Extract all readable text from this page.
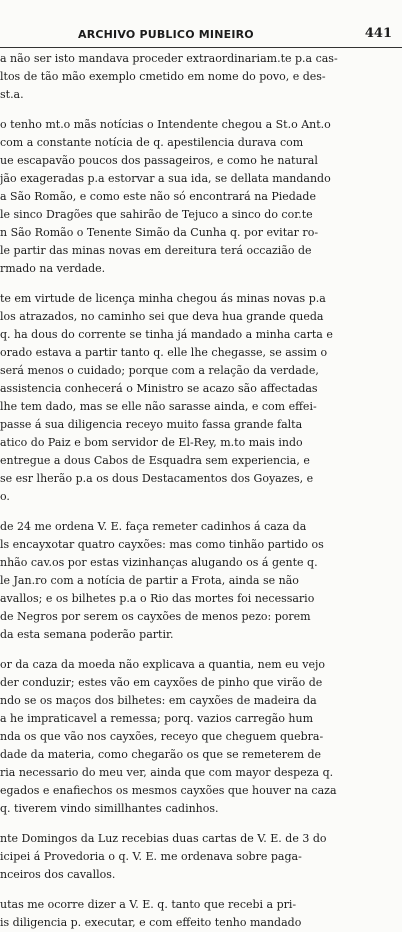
ARCHIVO PUBLICO MINEIRO	441
a não ser isto mandava proceder extraordinariam.te p.a cas-
ltos de tão mão exemplo cmetido em nome do povo, e des-
st.a.
o tenho mt.o mãs notícias o Intendente chegou a St.o Ant.o
com a constante notícia de q. apestilencia durava com
ue escapavão poucos dos passageiros, e como he natural
jão exageradas p.a estorvar a sua ida, se dellata mandando
a São Romão, e como este não só encontrará na Piedade
le sinco Dragões que sahirão de Tejuco a sinco do cor.te
n São Romão o Tenente Simão da Cunha q. por evitar ro-
le partir das minas novas em dereitura terá occazião de
rmado na verdade.
te em virtude de licença minha chegou ás minas novas p.a
los atrazados, no caminho sei que deva hua grande queda
q. ha dous do corrente se tinha já mandado a minha carta e
orado estava a partir tanto q. elle lhe chegasse, se assim o
será menos o cuidado; porque com a relação da verdade,
assistencia conhecerá o Ministro se acazo são affectadas
lhe tem dado, mas se elle não sarasse ainda, e com effei-
passe á sua diligencia receyo muito fassa grande falta
atico do Paiz e bom servidor de El-Rey, m.to mais indo
entregue a dous Cabos de Esquadra sem experiencia, e
se esr lherão p.a os dous Destacamentos dos Goyazes, e
o.
de 24 me ordena V. E. faça remeter cadinhos á caza da
ls encayxotar quatro cayxões: mas como tinhão partido os
nhão cav.os por estas vizinhanças alugando os á gente q.
le Jan.ro com a notícia de partir a Frota, ainda se não
avallos; e os bilhetes p.a o Rio das mortes foi necessario
de Negros por serem os cayxões de menos pezo: porem
da esta semana poderão partir.
or da caza da moeda não explicava a quantia, nem eu vejo
der conduzir; estes vão em cayxões de pinho que virão de
ndo se os maços dos bilhetes: em cayxões de madeira da
a he impraticavel a remessa; porq. vazios carregão hum
nda os que vão nos cayxões, receyo que cheguem quebra-
dade da materia, como chegarão os que se remeterem de
ria necessario do meu ver, ainda que com mayor despeza q.
egados e enafiechos os mesmos cayxões que houver na caza
q. tiverem vindo simillhantes cadinhos.
nte Domingos da Luz recebias duas cartas de V. E. de 3 do
icipei á Provedoria o q. V. E. me ordenava sobre paga-
nceiros dos cavallos.
utas me ocorre dizer a V. E. q. tanto que recebi a pri-
is diligencia p. executar, e com effeito tenho mandado
